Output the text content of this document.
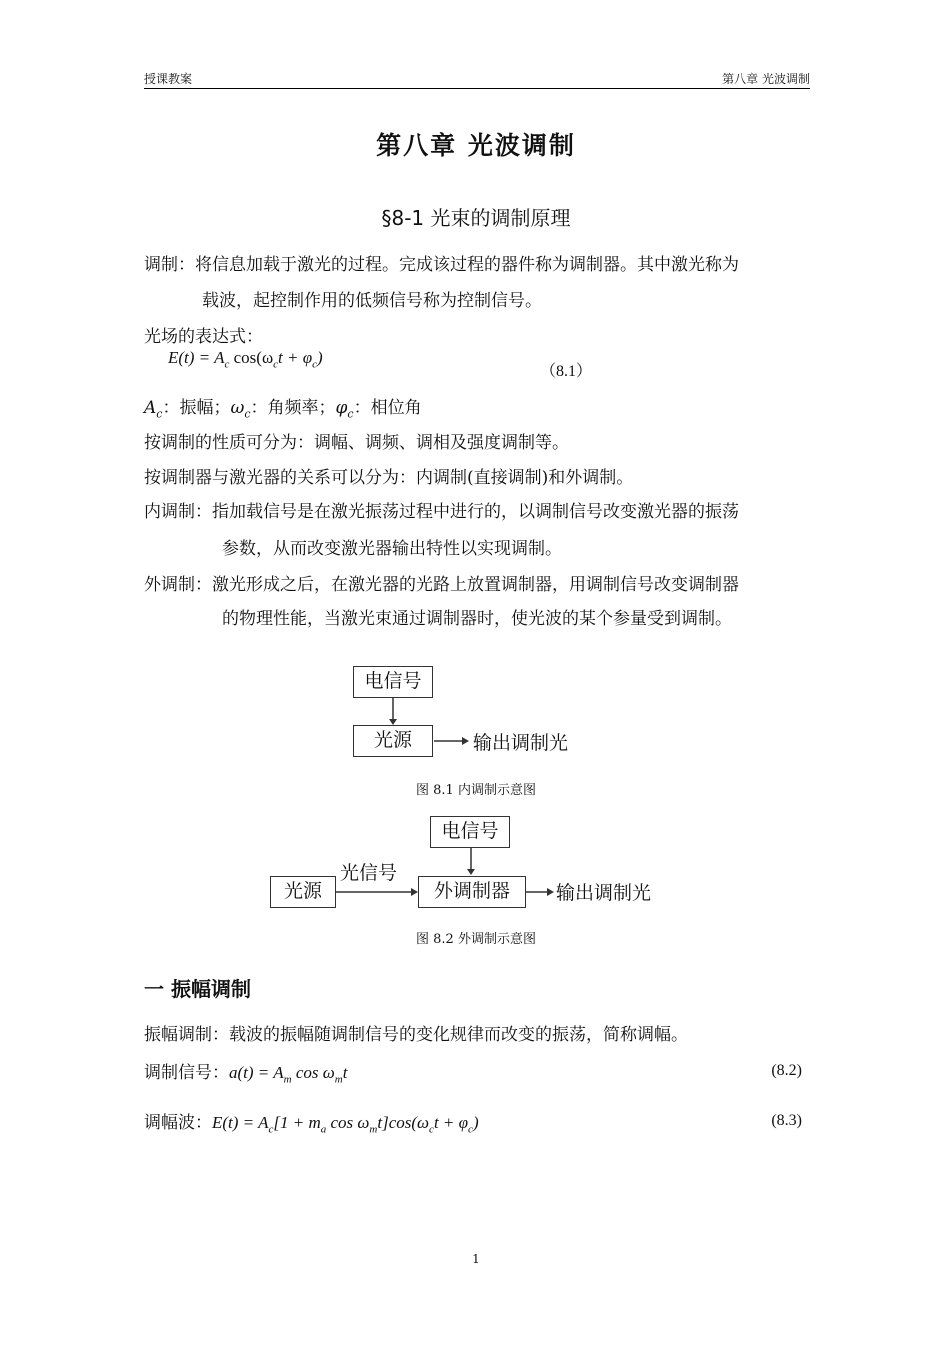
授课教案	第八章 光波调制
第八章 光波调制
§8-1 光束的调制原理
调制：将信息加载于激光的过程。完成该过程的器件称为调制器。其中激光称为
载波，起控制作用的低频信号称为控制信号。
光场的表达式：
$E(t) = A_c$ $\cos(\omega_ct + \varphi_c)$
（8.1）
$A_c$：振幅；$\omega_c$：角频率；$\varphi_c$：相位角
按调制的性质可分为：调幅、调频、调相及强度调制等。
按调制器与激光器的关系可以分为：内调制(直接调制)和外调制。
内调制：指加载信号是在激光振荡过程中进行的，以调制信号改变激光器的振荡
参数，从而改变激光器输出特性以实现调制。
外调制：激光形成之后，在激光器的光路上放置调制器，用调制信号改变调制器
的物理性能，当激光束通过调制器时，使光波的某个参量受到调制。
电信号
光源	输出调制光
图 8.1 内调制示意图
电信号
光源	外调制器
光信号
输出调制光
图 8.2 外调制示意图
一 振幅调制
振幅调制：载波的振幅随调制信号的变化规律而改变的振荡，简称调幅。
调制信号：$a(t) = A_m$ $\cos \omega_mt$	(8.2)
调幅波：$E(t) = A_c[1 + m_a$ $\cos \omega_mt]\cos(\omega_ct + \varphi_c)$	(8.3)
1
